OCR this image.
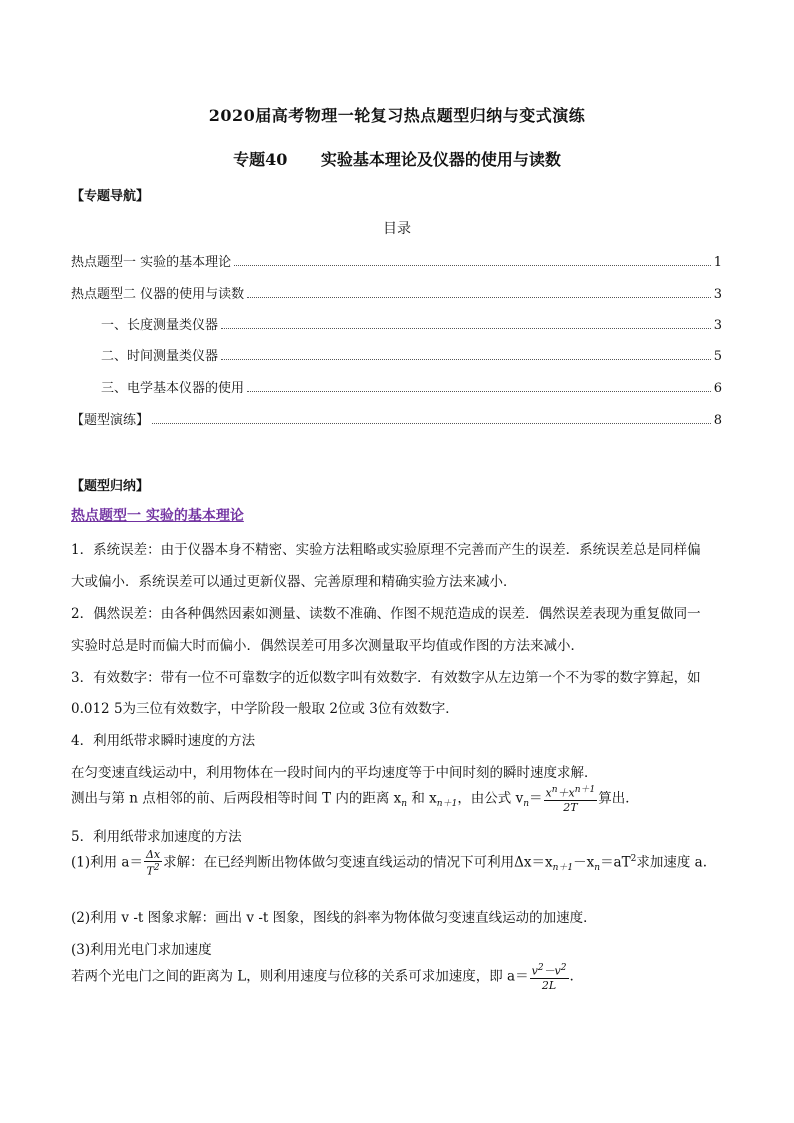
2020届高考物理一轮复习热点题型归纳与变式演练
专题40      实验基本理论及仪器的使用与读数
【专题导航】
目录
热点题型一 实验的基本理论	1
热点题型二 仪器的使用与读数	3
一、长度测量类仪器	3
二、时间测量类仪器	5
三、电学基本仪器的使用	6
【题型演练】	8
【题型归纳】
热点题型一 实验的基本理论
1．系统误差：由于仪器本身不精密、实验方法粗略或实验原理不完善而产生的误差．系统误差总是同样偏
大或偏小．系统误差可以通过更新仪器、完善原理和精确实验方法来减小．
2．偶然误差：由各种偶然因素如测量、读数不准确、作图不规范造成的误差．偶然误差表现为重复做同一
实验时总是时而偏大时而偏小．偶然误差可用多次测量取平均值或作图的方法来减小．
3．有效数字：带有一位不可靠数字的近似数字叫有效数字．有效数字从左边第一个不为零的数字算起，如
0.012 5为三位有效数字，中学阶段一般取 2位或 3位有效数字．
4．利用纸带求瞬时速度的方法
在匀变速直线运动中，利用物体在一段时间内的平均速度等于中间时刻的瞬时速度求解．
测出与第 n 点相邻的前、后两段相等时间 T 内的距离 $x_n$ 和 $x_{n+1}$，由公式 $v_n= \frac{x^n+x^{n+1}}{2T}$ 算出．
5．利用纸带求加速度的方法
(1)利用 $a= \frac{\Delta x}{T^2}$ 求解：在已经判断出物体做匀变速直线运动的情况下可利用$\Delta x=x_{n+1}-x_n=aT^2$求加速度 a.
(2)利用 v -t 图象求解：画出 v -t 图象，图线的斜率为物体做匀变速直线运动的加速度．
(3)利用光电门求加速度
若两个光电门之间的距离为 L，则利用速度与位移的关系可求加速度，即 $a= \frac{v^2-v^2}{2L}$ .
